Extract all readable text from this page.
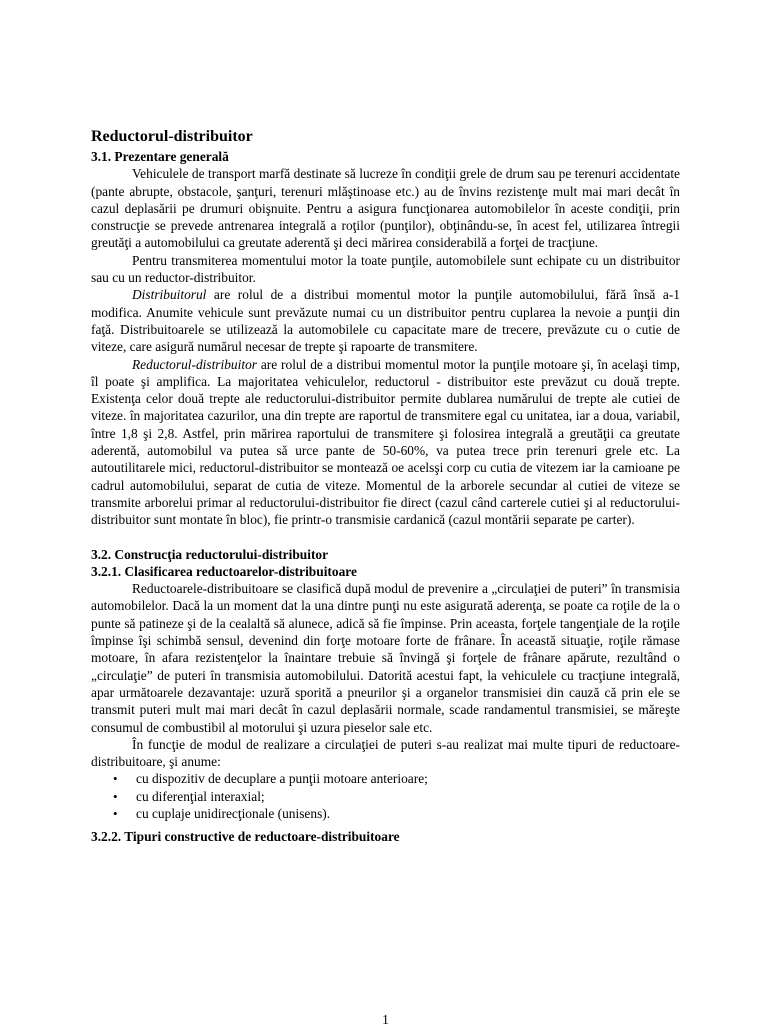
Reductorul-distribuitor
3.1. Prezentare generală

Vehiculele de transport marfă destinate să lucreze în condiţii grele de drum sau pe terenuri accidentate (pante abrupte, obstacole, şanţuri, terenuri mlăştinoase etc.) au de învins rezistenţe mult mai mari decât în cazul deplasării pe drumuri obişnuite. Pentru a asigura funcţionarea automobilelor în aceste condiţii, prin construcţie se prevede antrenarea integrală a roţilor (punţilor), obţinându-se, în acest fel, utilizarea întregii greutăţi a automobilului ca greutate aderentă şi deci mărirea considerabilă a forţei de tracţiune.

Pentru transmiterea momentului motor la toate punţile, automobilele sunt echipate cu un distribuitor sau cu un reductor-distribuitor.

Distribuitorul are rolul de a distribui momentul motor la punţile automobilului, fără însă a-1 modifica. Anumite vehicule sunt prevăzute numai cu un distribuitor pentru cuplarea la nevoie a punţii din faţă. Distribuitoarele se utilizează la automobilele cu capacitate mare de trecere, prevăzute cu o cutie de viteze, care asigură numărul necesar de trepte şi rapoarte de transmitere.

Reductorul-distribuitor are rolul de a distribui momentul motor la punţile motoare şi, în acelaşi timp, îl poate şi amplifica. La majoritatea vehiculelor, reductorul - distribuitor este prevăzut cu două trepte. Existenţa celor două trepte ale reductorului-distribuitor permite dublarea numărului de trepte ale cutiei de viteze. în majoritatea cazurilor, una din trepte are raportul de transmitere egal cu unitatea, iar a doua, variabil, între 1,8 şi 2,8. Astfel, prin mărirea raportului de transmitere şi folosirea integrală a greutăţii ca greutate aderentă, automobilul va putea să urce pante de 50-60%, va putea trece prin terenuri grele etc. La autoutilitarele mici, reductorul-distribuitor se montează oe acelsşi corp cu cutia de vitezem iar la camioane pe cadrul automobilului, separat de cutia de viteze. Momentul de la arborele secundar al cutiei de viteze se transmite arborelui primar al reductorului-distribuitor fie direct (cazul când carterele cutiei şi al reductorului-distribuitor sunt montate în bloc), fie printr-o transmisie cardanică (cazul montării separate pe carter).

3.2. Construcţia reductorului-distribuitor
3.2.1. Clasificarea reductoarelor-distribuitoare

Reductoarele-distribuitoare se clasifică după modul de prevenire a „circulaţiei de puteri” în transmisia automobilelor. Dacă la un moment dat la una dintre punţi nu este asigurată aderenţa, se poate ca roţile de la o punte să patineze şi de la cealaltă să alunece, adică să fie împinse. Prin aceasta, forţele tangenţiale de la roţile împinse îşi schimbă sensul, devenind din forţe motoare forte de frânare. În această situaţie, roţile rămase motoare, în afara rezistenţelor la înaintare trebuie să învingă şi forţele de frânare apărute, rezultând o „circulaţie” de puteri în transmisia automobilului. Datorită acestui fapt, la vehiculele cu tracţiune integrală, apar următoarele dezavantaje: uzură sporită a pneurilor şi a organelor transmisiei din cauză că prin ele se transmit puteri mult mai mari decât în cazul deplasării normale, scade randamentul transmisiei, se măreşte consumul de combustibil al motorului şi uzura pieselor sale etc.

În funcţie de modul de realizare a circulaţiei de puteri s-au realizat mai multe tipuri de reductoare-distribuitoare, şi anume:

• cu dispozitiv de decuplare a punţii motoare anterioare;
• cu diferenţial interaxial;
• cu cuplaje unidirecţionale (unisens).
3.2.2. Tipuri constructive de reductoare-distribuitoare
1
